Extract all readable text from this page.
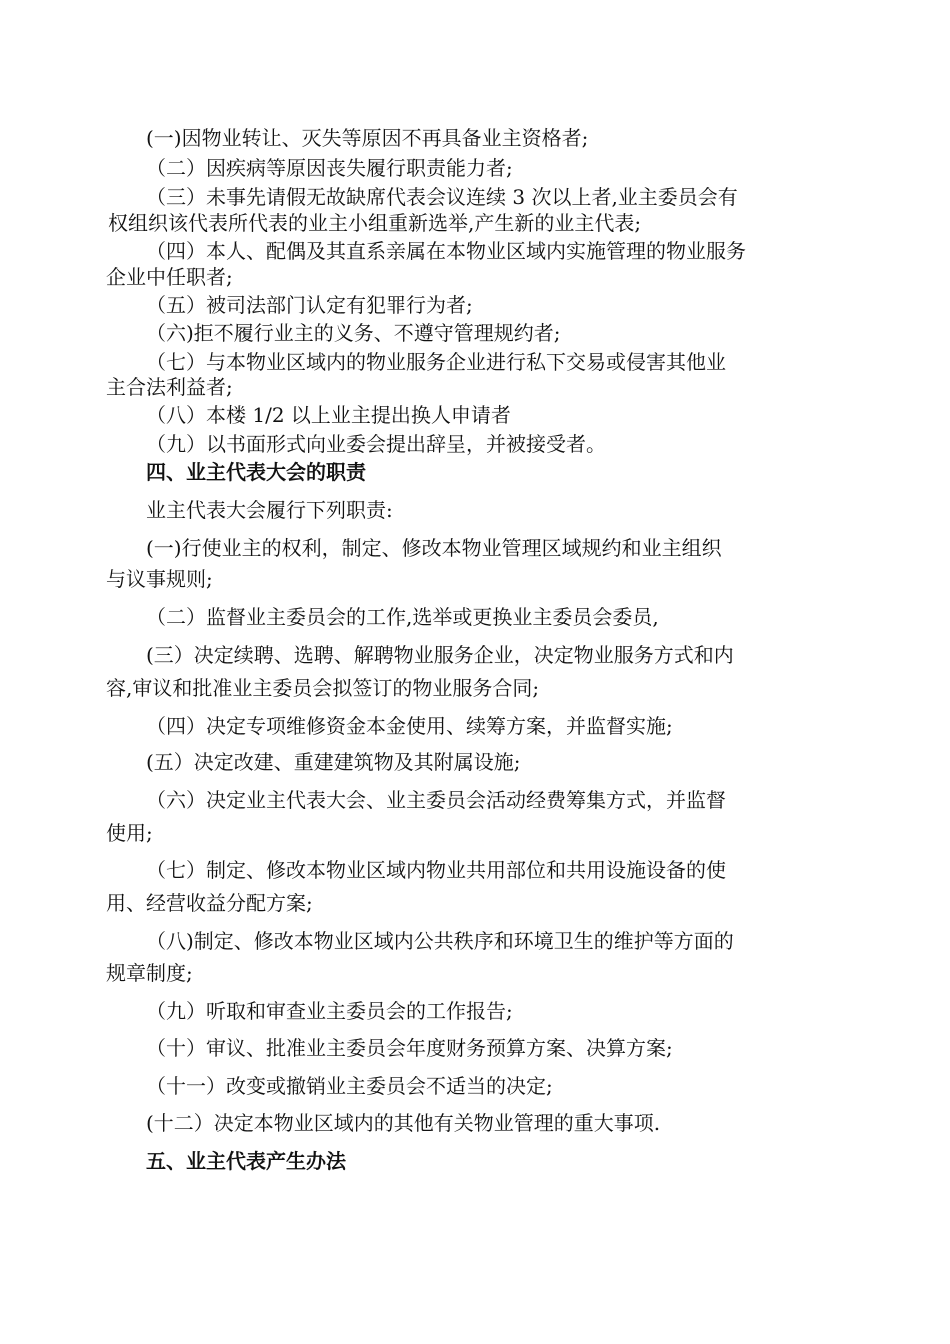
(一)因物业转让、灭失等原因不再具备业主资格者;

（二）因疾病等原因丧失履行职责能力者;

（三）未事先请假无故缺席代表会议连续 3 次以上者,业主委员会有

权组织该代表所代表的业主小组重新选举,产生新的业主代表;

（四）本人、配偶及其直系亲属在本物业区域内实施管理的物业服务

企业中任职者;

（五）被司法部门认定有犯罪行为者;

（六)拒不履行业主的义务、不遵守管理规约者;

（七）与本物业区域内的物业服务企业进行私下交易或侵害其他业

主合法利益者;

（八）本楼 1/2 以上业主提出换人申请者

（九）以书面形式向业委会提出辞呈，并被接受者。

四、业主代表大会的职责

业主代表大会履行下列职责:

(一)行使业主的权利，制定、修改本物业管理区域规约和业主组织

与议事规则;

（二）监督业主委员会的工作,选举或更换业主委员会委员,

(三）决定续聘、选聘、解聘物业服务企业，决定物业服务方式和内

容,审议和批准业主委员会拟签订的物业服务合同;

（四）决定专项维修资金本金使用、续筹方案，并监督实施;

(五）决定改建、重建建筑物及其附属设施;

（六）决定业主代表大会、业主委员会活动经费筹集方式，并监督

使用;

（七）制定、修改本物业区域内物业共用部位和共用设施设备的使

用、经营收益分配方案;

（八)制定、修改本物业区域内公共秩序和环境卫生的维护等方面的

规章制度;

（九）听取和审查业主委员会的工作报告;

（十）审议、批准业主委员会年度财务预算方案、决算方案;

（十一）改变或撤销业主委员会不适当的决定;

(十二）决定本物业区域内的其他有关物业管理的重大事项.

五、业主代表产生办法
